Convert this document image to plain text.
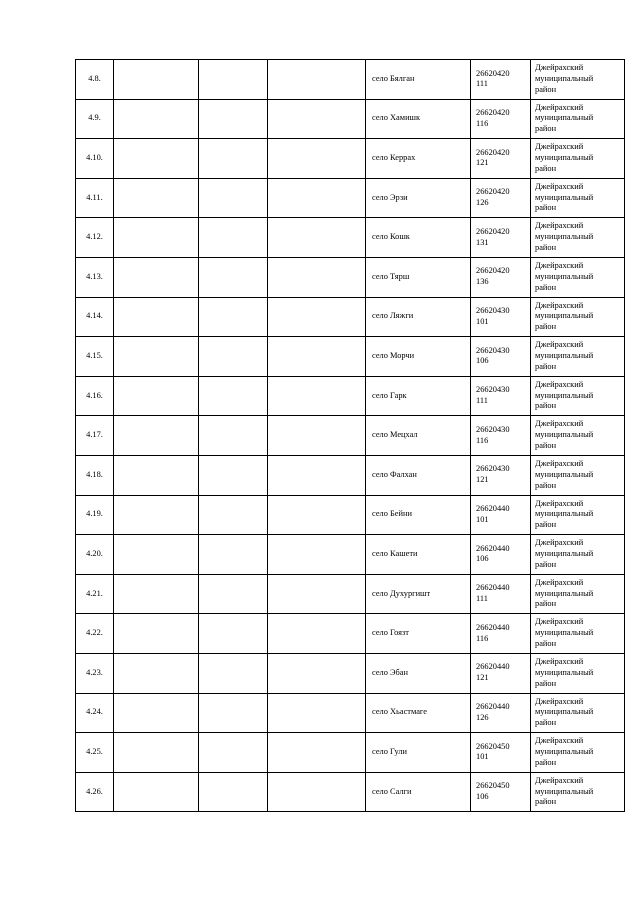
4.8.				село Бялган	26620420
111	Джейрахский
муниципальный
район

4.9.				село Хамишк	26620420
116	Джейрахский
муниципальный
район

4.10.				село Керрах	26620420
121	Джейрахский
муниципальный
район

4.11.				село Эрзи	26620420
126	Джейрахский
муниципальный
район

4.12.				село Кошк	26620420
131	Джейрахский
муниципальный
район

4.13.				село Тярш	26620420
136	Джейрахский
муниципальный
район

4.14.				село Ляжги	26620430
101	Джейрахский
муниципальный
район

4.15.				село Морчи	26620430
106	Джейрахский
муниципальный
район

4.16.				село Гарк	26620430
111	Джейрахский
муниципальный
район

4.17.				село Мецхал	26620430
116	Джейрахский
муниципальный
район

4.18.				село Фалхан	26620430
121	Джейрахский
муниципальный
район

4.19.				село Бейни	26620440
101	Джейрахский
муниципальный
район

4.20.				село Кашети	26620440
106	Джейрахский
муниципальный
район

4.21.				село Духургишт	26620440
111	Джейрахский
муниципальный
район

4.22.				село Гоязт	26620440
116	Джейрахский
муниципальный
район

4.23.				село Эбан	26620440
121	Джейрахский
муниципальный
район

4.24.				село Хьастмаге	26620440
126	Джейрахский
муниципальный
район

4.25.				село Гули	26620450
101	Джейрахский
муниципальный
район

4.26.				село Салги	26620450
106	Джейрахский
муниципальный
район
